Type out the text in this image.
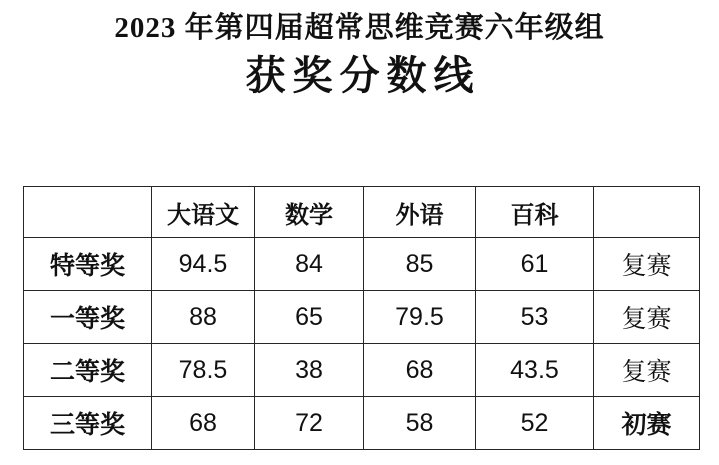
2023 年第四届超常思维竞赛六年级组
获奖分数线
	大语文	数学	外语	百科	
特等奖	94.5	84	85	61	复赛
一等奖	88	65	79.5	53	复赛
二等奖	78.5	38	68	43.5	复赛
三等奖	68	72	58	52	初赛
